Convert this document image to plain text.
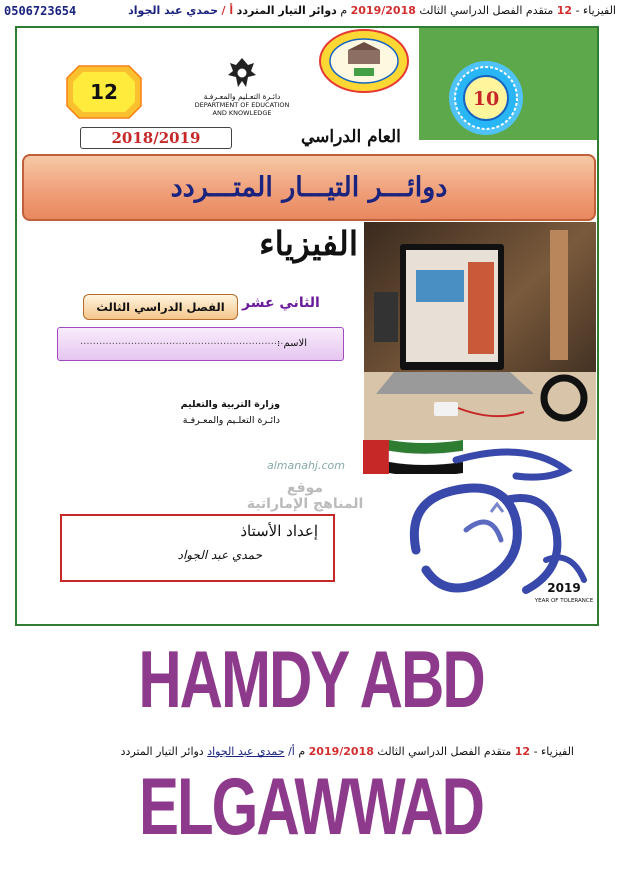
0506723654	الفيزياء - 12 متقدم الفصل الدراسي الثالث 2019/2018 م دوائر التيار المتردد أ / حمدي عبد الجواد
12	10
دائـرة التعـليم والمعـرفـة
DEPARTMENT OF EDUCATION
AND KNOWLEDGE
العام الدراسي
2018/2019
دوائـــر التيـــار المتـــردد
الفيزياء
الثاني عشر
الفصل الدراسي الثالث
الاسم :
................................................................
وزارة التربية والتعليم
دائـرة التعلـيم والمعـرفـة
almanahj.com
موقع
المناهج الإماراتية
إعداد الأستاذ
حمدي عبد الجواد
2019
YEAR OF TOLERANCE
HAMDY ABD ELGAWWAD
الفيزياء - 12 متقدم الفصل الدراسي الثالث 2019/2018 م أ/ حمدي عبد الجواد دوائر التيار المتردد
